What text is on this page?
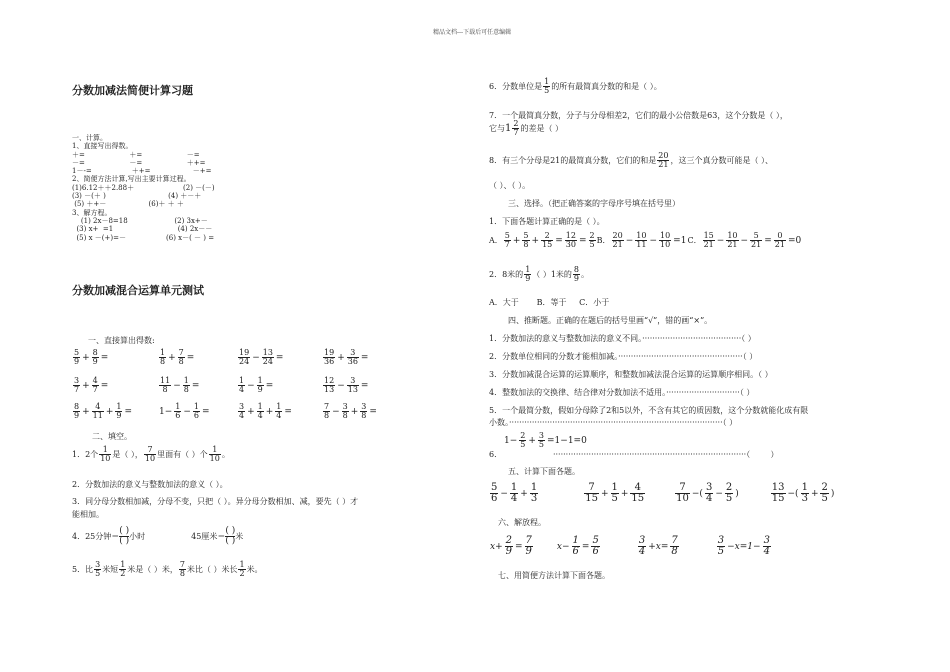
精品文档---下载后可任意编辑
分数加减法简便计算习题
一、计算。
1、直接写出得数。
＋=                    ＋=                    －=
－=                    －=                    ＋+=
1－-=                  ＋+=                   －+=
2、简便方法计算,写出主要计算过程。
(1)6.12＋＋2.88＋                      (2) －(－)
(3) －(＋ )                            (4) ＋－＋
(5) ＋+－                   (6)＋ ＋ ＋
3、解方程。
(1) 2x－8=18                     (2) 3x+－
(3) x+  =1                             (4) 2x－－
(5) x －(+)=－                  (6) x－( － ) =
分数加减混合运算单元测试
一、直接算出得数:
$\frac{5}{9} + \frac{8}{9}$ =	$\frac{1}{8} + \frac{7}{8}$ =	$\frac{19}{24} - \frac{13}{24}$ =	$\frac{19}{36} + \frac{3}{36}$ =
$\frac{3}{7} + \frac{4}{7}$ =	$\frac{11}{8} - \frac{1}{8}$ =	$\frac{1}{4} - \frac{1}{9}$ =	$\frac{12}{13} - \frac{3}{13}$ =
$\frac{8}{9} + \frac{4}{11} + \frac{1}{9}$ =	$1- \frac{1}{6} - \frac{1}{6}$ =	$\frac{3}{4} + \frac{1}{4} + \frac{1}{4}$ =	$\frac{7}{8} - \frac{3}{8} + \frac{3}{8}$ =
二、填空。
1．2个 $\frac{1}{10}$ 是（ ）， $\frac{7}{10}$ 里面有（ ）个 $\frac{1}{10}$ 。
2．分数加法的意义与整数加法的意义（ ）。
3．同分母分数相加减，分母不变，只把（ ）。异分母分数相加、减，要先（ ）才
能相加。
4．25分钟＝
( )
( ) 小时	45厘米＝
( )
( ) 米
5．比 $\frac{3}{5}$ 米短 $\frac{1}{2}$ 米是（ ）米， $\frac{7}{8}$ 米比（ ）米长 $\frac{1}{2}$ 米。
6．分数单位是 $\frac{1}{5}$ 的所有最简真分数的和是（ ）。
7．一个最简真分数，分子与分母相差2，它们的最小公倍数是63，这个分数是（ ），
它与 $1 \frac{2}{7}$ 的差是（ ）
8．有三个分母是21的最简真分数，它们的和是 $\frac{20}{21}$ ，这三个真分数可能是（ ）、
（ ）、（ ）。
三、选择。（把正确答案的字母序号填在括号里）
1．下面各题计算正确的是（ ）。
A． $\frac{5}{7} + \frac{5}{8} + \frac{2}{15} = \frac{12}{30} = \frac{2}{5}$ B． $\frac{20}{21} - \frac{10}{11} - \frac{10}{10} =1$ C． $\frac{15}{21} - \frac{10}{21} - \frac{5}{21} = \frac{0}{21} =0$
2．8米的 $\frac{1}{9}$ （ ）1米的 $\frac{8}{9}$ 。
A．大于       B．等于     C．小于
四、推断题。正确的在题后的括号里画“√”，错的画“×”。
1．分数加法的意义与整数加法的意义不同。·······································（ ）
2．分数单位相同的分数才能相加减。·················································（ ）
3．分数加减混合运算的运算顺序，和整数加减法混合运算的运算顺序相同。（ ）
4．整数加法的交换律、结合律对分数加法不适用。·····························（ ）
5．一个最简分数，假如分母除了2和5以外，不含有其它的质因数，这个分数就能化成有限
小数。····················································································（ ）
6．                    ············································································（        ）
$1- \frac{2}{5} + \frac{3}{5} =1-1=0$
五、计算下面各题。
$\frac{5}{6} - \frac{1}{4} + \frac{1}{3}$	$\frac{7}{15} + \frac{1}{5} + \frac{4}{15}$	$\frac{7}{10}$ −( $\frac{3}{4} - \frac{2}{5}$ )	$\frac{13}{15}$ −( $\frac{1}{3} + \frac{2}{5}$ )
六、解放程。
$x+ \frac{2}{9} = \frac{7}{9}$	$x- \frac{1}{6} = \frac{5}{6}$	$\frac{3}{4} +x= \frac{7}{8}$	$\frac{3}{5} -x=1- \frac{3}{4}$
七、用简便方法计算下面各题。
